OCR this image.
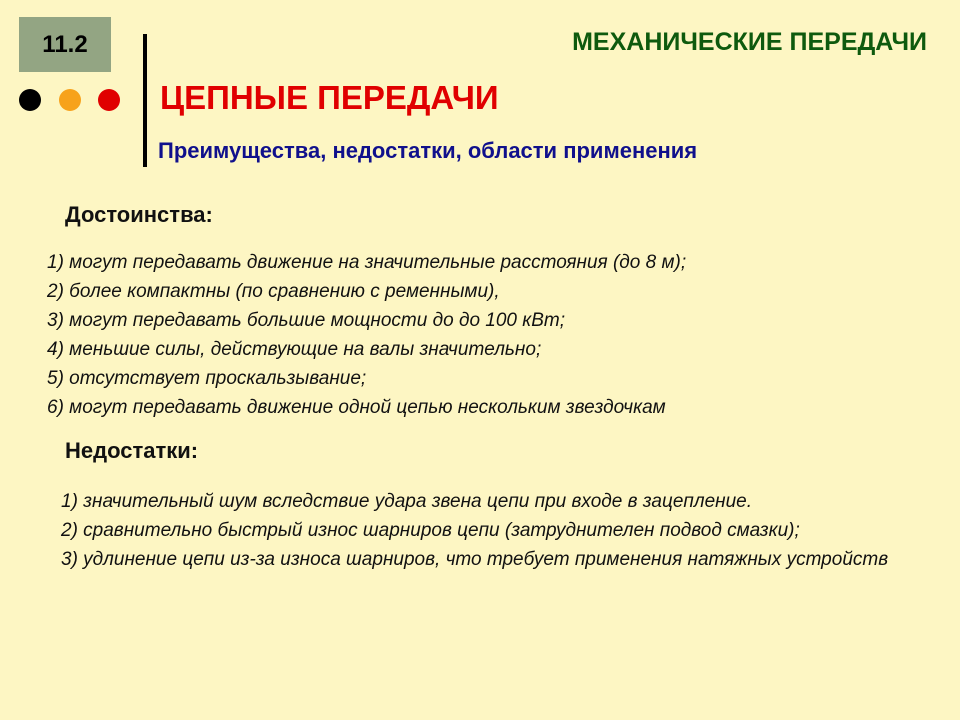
11.2	МЕХАНИЧЕСКИЕ ПЕРЕДАЧИ
ЦЕПНЫЕ ПЕРЕДАЧИ
Преимущества, недостатки, области применения
Достоинства:
1) могут передавать движение на значительные расстояния (до 8 м);
2) более компактны (по сравнению с ременными),
3) могут передавать большие мощности до до 100 кВт;
4) меньшие силы, действующие на валы значительно;
5) отсутствует проскальзывание;
6) могут передавать движение одной цепью нескольким звездочкам
Недостатки:
1) значительный шум вследствие удара звена цепи при входе в зацепление.
2) сравнительно быстрый износ шарниров цепи (затруднителен подвод смазки);
3) удлинение цепи из-за износа шарниров, что требует применения натяжных устройств
